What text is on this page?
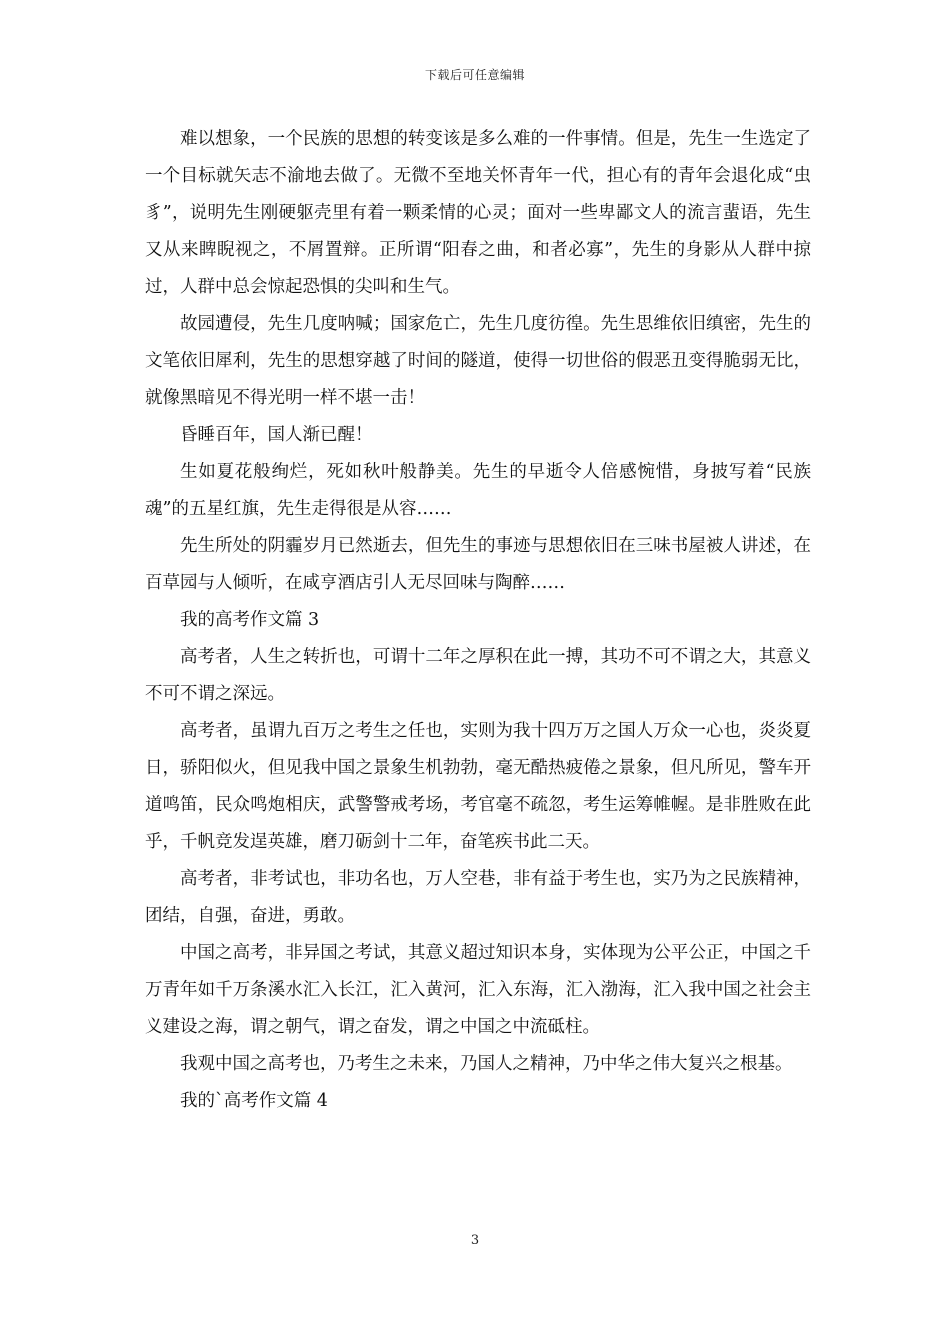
下载后可任意编辑

难以想象，一个民族的思想的转变该是多么难的一件事情。但是，先生一生选定了一个目标就矢志不渝地去做了。无微不至地关怀青年一代，担心有的青年会退化成“虫豸”，说明先生刚硬躯壳里有着一颗柔情的心灵；面对一些卑鄙文人的流言蜚语，先生又从来睥睨视之，不屑置辩。正所谓“阳春之曲，和者必寡”，先生的身影从人群中掠过，人群中总会惊起恐惧的尖叫和生气。

故园遭侵，先生几度呐喊；国家危亡，先生几度彷徨。先生思维依旧缜密，先生的文笔依旧犀利，先生的思想穿越了时间的隧道，使得一切世俗的假恶丑变得脆弱无比，就像黑暗见不得光明一样不堪一击！

昏睡百年，国人渐已醒！

生如夏花般绚烂，死如秋叶般静美。先生的早逝令人倍感惋惜，身披写着“民族魂”的五星红旗，先生走得很是从容……

先生所处的阴霾岁月已然逝去，但先生的事迹与思想依旧在三味书屋被人讲述，在百草园与人倾听，在咸亨酒店引人无尽回味与陶醉……

我的高考作文篇 3

高考者，人生之转折也，可谓十二年之厚积在此一搏，其功不可不谓之大，其意义不可不谓之深远。

高考者，虽谓九百万之考生之任也，实则为我十四万万之国人万众一心也，炎炎夏日，骄阳似火，但见我中国之景象生机勃勃，毫无酷热疲倦之景象，但凡所见，警车开道鸣笛，民众鸣炮相庆，武警警戒考场，考官毫不疏忽，考生运筹帷幄。是非胜败在此乎，千帆竞发逞英雄，磨刀砺剑十二年，奋笔疾书此二天。

高考者，非考试也，非功名也，万人空巷，非有益于考生也，实乃为之民族精神，团结，自强，奋进，勇敢。

中国之高考，非异国之考试，其意义超过知识本身，实体现为公平公正，中国之千万青年如千万条溪水汇入长江，汇入黄河，汇入东海，汇入渤海，汇入我中国之社会主义建设之海，谓之朝气，谓之奋发，谓之中国之中流砥柱。

我观中国之高考也，乃考生之未来，乃国人之精神，乃中华之伟大复兴之根基。

我的`高考作文篇 4

3
